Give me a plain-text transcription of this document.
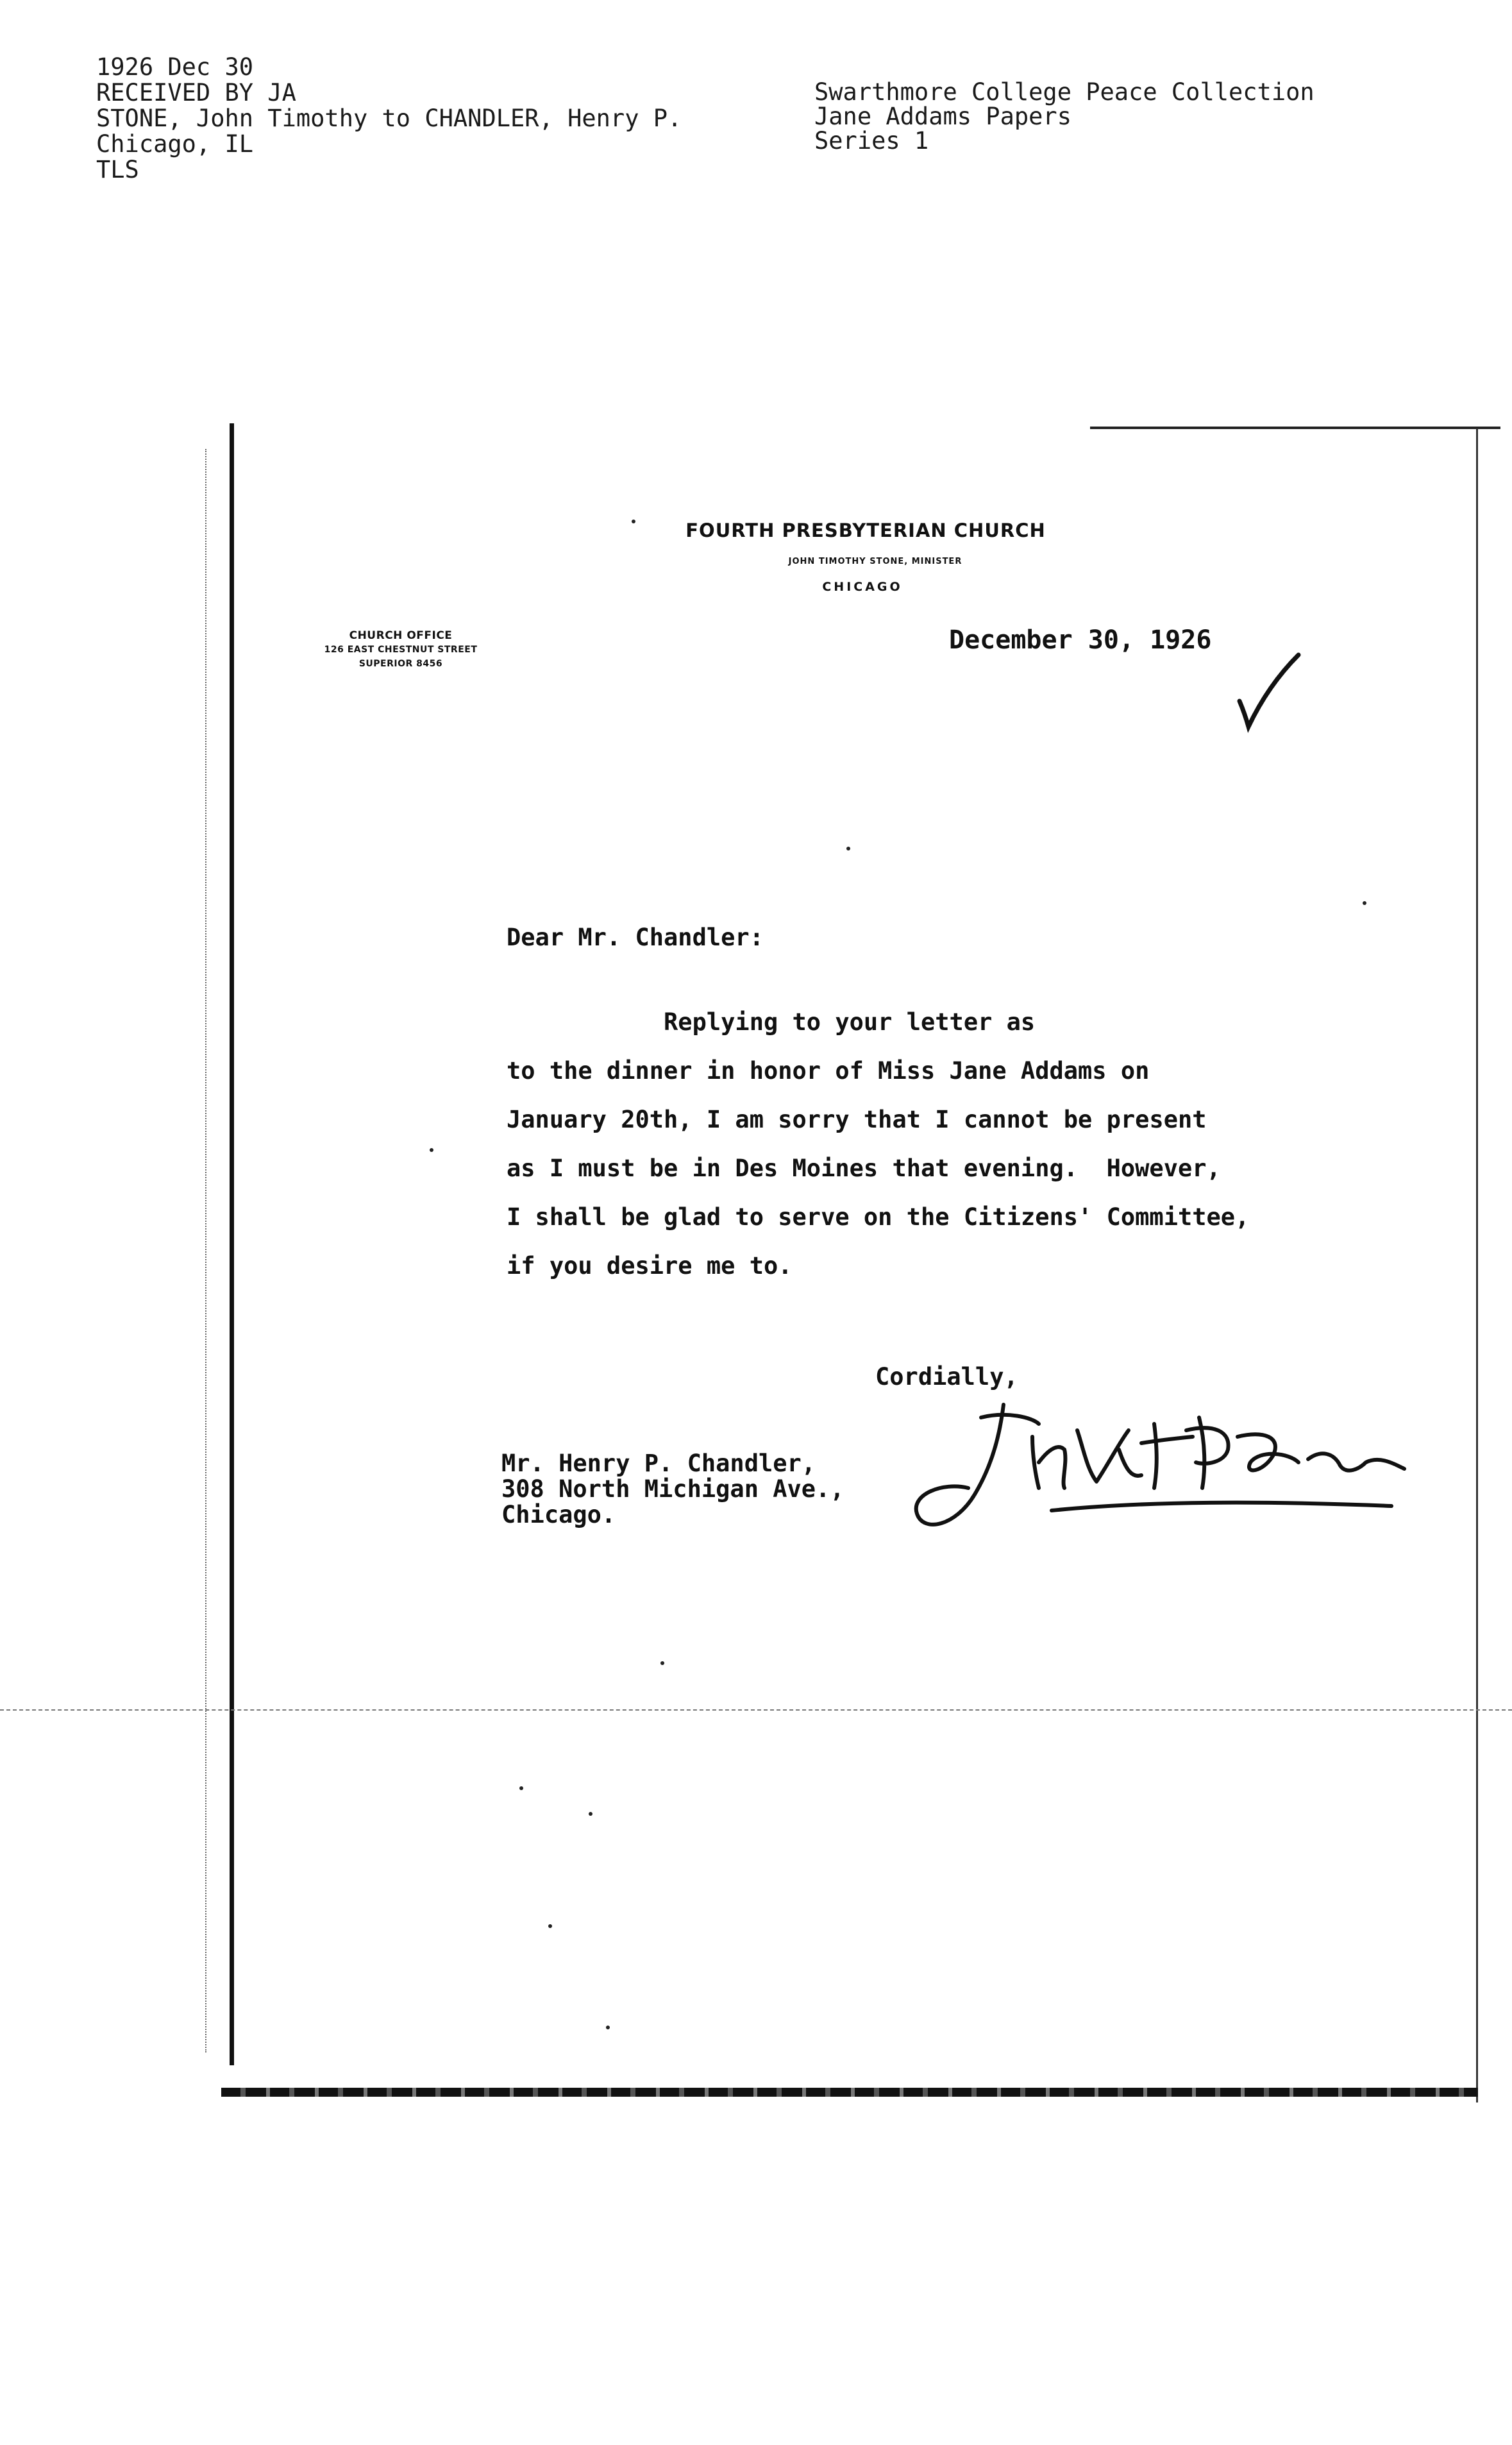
1926 Dec 30
RECEIVED BY JA
STONE, John Timothy to CHANDLER, Henry P.
Chicago, IL
TLS
Swarthmore College Peace Collection
Jane Addams Papers
Series 1
FOURTH PRESBYTERIAN CHURCH
JOHN TIMOTHY STONE, MINISTER
CHICAGO
CHURCH OFFICE
126 EAST CHESTNUT STREET
SUPERIOR 8456
December 30, 1926
Dear Mr. Chandler:
Replying to your letter as
to the dinner in honor of Miss Jane Addams on
January 20th, I am sorry that I cannot be present
as I must be in Des Moines that evening.  However,
I shall be glad to serve on the Citizens' Committee,
if you desire me to.
Cordially,
Mr. Henry P. Chandler,
308 North Michigan Ave.,
Chicago.
